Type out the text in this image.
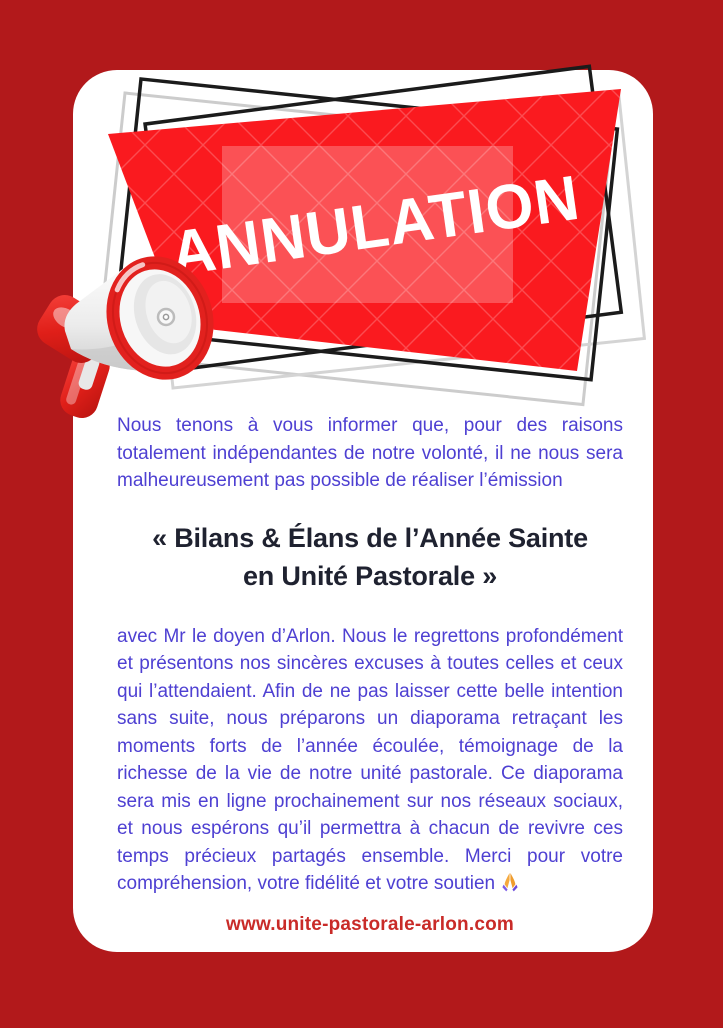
Nous tenons à vous informer que, pour des raisons totalement indépendantes de notre volonté, il ne nous sera malheureusement pas possible de réaliser l’émission

« Bilans & Élans de l’Année Sainte
en Unité Pastorale »

avec Mr le doyen d’Arlon. Nous le regrettons profondément et présentons nos sincères excuses à toutes celles et ceux qui l’attendaient. Afin de ne pas laisser cette belle intention sans suite, nous préparons un diaporama retraçant les moments forts de l’année écoulée, témoignage de la richesse de la vie de notre unité pastorale. Ce diaporama sera mis en ligne prochainement sur nos réseaux sociaux, et nous espérons qu’il permettra à chacun de revivre ces temps précieux partagés ensemble. Merci pour votre compréhension, votre fidélité et votre soutien

www.unite-pastorale-arlon.com
ANNULATION
